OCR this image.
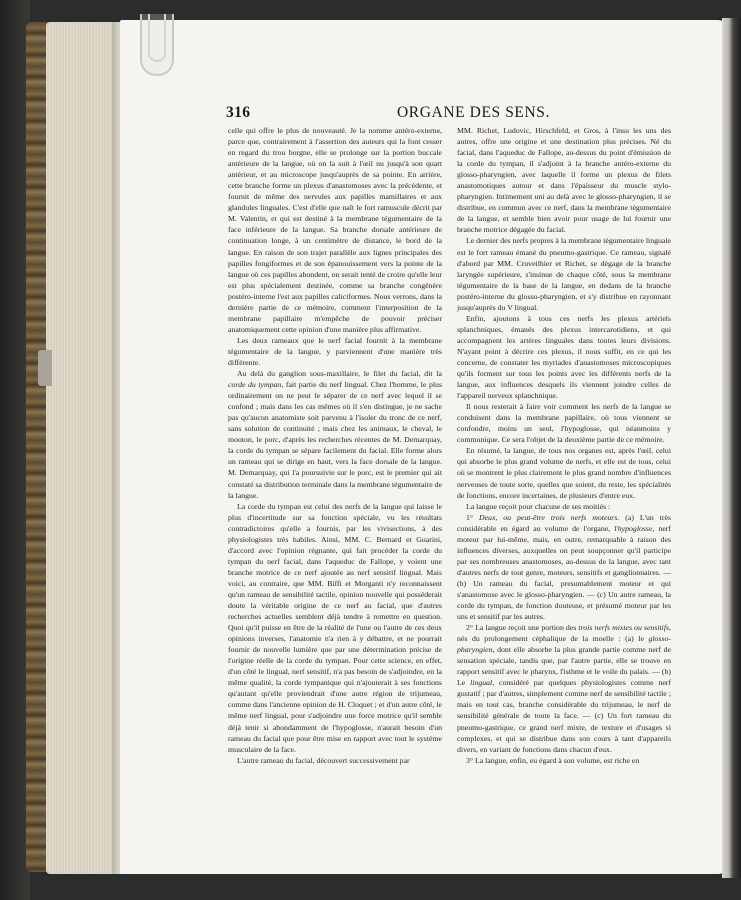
316	ORGANE DES SENS.

celle qui offre le plus de nouveauté. Je la nomme antéro-externe, parce que, contrairement à l'assertion des auteurs qui la font cesser en regard du trou borgne, elle se prolonge sur la portion buccale antérieure de la langue, où on la suit à l'œil nu jusqu'à son quart antérieur, et au microscope jusqu'auprès de sa pointe. En arrière, cette branche forme un plexus d'anastomoses avec la précédente, et fournit de même des nervules aux papilles mamillaires et aux glandules linguales. C'est d'elle que naît le fort ramuscule décrit par M. Valentin, et qui est destiné à la membrane tégumentaire de la face inférieure de la langue. Sa branche dorsale antérieure de continuation longe, à un centimètre de distance, le bord de la langue. En raison de son trajet parallèle aux lignes principales des papilles fongiformes et de son épanouissement vers la pointe de la langue où ces papilles abondent, on serait tenté de croire qu'elle leur est plus spécialement destinée, comme sa branche congénère postéro-interne l'est aux papilles caliciformes. Nous verrons, dans la dernière partie de ce mémoire, comment l'interposition de la membrane papillaire m'empêche de pouvoir préciser anatomiquement cette opinion d'une manière plus affirmative.

Les deux rameaux que le nerf facial fournit à la membrane tégumentaire de la langue, y parviennent d'une manière très différente.

Au delà du ganglion sous-maxillaire, le filet du facial, dit la corde du tympan, fait partie du nerf lingual. Chez l'homme, le plus ordinairement on ne peut le séparer de ce nerf avec lequel il se confond ; mais dans les cas mêmes où il s'en distingue, je ne sache pas qu'aucun anatomiste soit parvenu à l'isoler du tronc de ce nerf, sans solution de continuité ; mais chez les animaux, le cheval, le mouton, le porc, d'après les recherches récentes de M. Demarquay, la corde du tympan se sépare facilement du facial. Elle forme alors un rameau qui se dirige en haut, vers la face dorsale de la langue. M. Demarquay, qui l'a poursuivie sur le porc, est le premier qui ait constaté sa distribution terminale dans la membrane tégumentaire de la langue.

La corde du tympan est celui des nerfs de la langue qui laisse le plus d'incertitude sur sa fonction spéciale, vu les résultats contradictoires qu'elle a fournis, par les vivisections, à des physiologistes très habiles. Ainsi, MM. C. Bernard et Guarini, d'accord avec l'opinion régnante, qui fait procéder la corde du tympan du nerf facial, dans l'aqueduc de Fallope, y voient une branche motrice de ce nerf ajoutée au nerf sensitif lingual. Mais voici, au contraire, que MM. Biffi et Morganti n'y reconnaissent qu'un rameau de sensibilité tactile, opinion nouvelle qui posséderait doute la véritable origine de ce nerf au facial, que d'autres recherches actuelles semblent déjà tendre à remettre en question. Quoi qu'il puisse en être de la réalité de l'une ou l'autre de ces deux opinions inverses, l'anatomie n'a rien à y débattre, et ne pourrait fournir de nouvelle lumière que par une détermination précise de l'origine réelle de la corde du tympan. Pour cette science, en effet, d'un côté le lingual, nerf sensitif, n'a pas besoin de s'adjoindre, en la même qualité, la corde tympanique qui n'ajouterait à ses fonctions qu'autant qu'elle proviendrait d'une autre région de trijumeau, comme dans l'ancienne opinion de H. Cloquet ; et d'un autre côté, le même nerf lingual, pour s'adjoindre une force motrice qu'il semble déjà tenir si abondamment de l'hypoglosse, n'aurait besoin d'un rameau du facial que pour être mise en rapport avec tout le système musculaire de la face.

L'autre rameau du facial, découvert successivement par

MM. Richet, Ludovic, Hirschfeld, et Gros, à l'insu les uns des autres, offre une origine et une destination plus précises. Né du facial, dans l'aqueduc de Fallope, au-dessus du point d'émission de la corde du tympan, il s'adjoint à la branche antéro-externe du glosso-pharyngien, avec laquelle il forme un plexus de filets anastomotiques autour et dans l'épaisseur du muscle stylo-pharyngien. Intimement uni au delà avec le glosso-pharyngien, il se distribue, en commun avec ce nerf, dans la membrane tégumentaire de la langue, et semble bien avoir pour usage de lui fournir une branche motrice dégagée du facial.

Le dernier des nerfs propres à la membrane tégumentaire linguale est le fort rameau émané du pneumo-gastrique. Ce rameau, signalé d'abord par MM. Cruveilhier et Richet, se dégage de la branche laryngée supérieure, s'insinue de chaque côté, sous la membrane tégumentaire de la base de la langue, en dedans de la branche postéro-interne du glosso-pharyngien, et s'y distribue en rayonnant jusqu'auprès du V lingual.

Enfin, ajoutons à tous ces nerfs les plexus artériels splanchniques, émanés des plexus intercarotidiens, et qui accompagnent les artères linguales dans toutes leurs divisions. N'ayant point à décrire ces plexus, il nous suffit, en ce qui les concerne, de constater les myriades d'anastomoses microscopiques qu'ils forment sur tous les points avec les différents nerfs de la langue, aux influences desquels ils viennent joindre celles de l'appareil nerveux splanchnique.

Il nous resterait à faire voir comment les nerfs de la langue se conduisent dans la membrane papillaire, où tous viennent se confondre, moins un seul, l'hypoglosse, qui néanmoins y communique. Ce sera l'objet de la deuxième partie de ce mémoire.

En résumé, la langue, de tous nos organes est, après l'œil, celui qui absorbe le plus grand volume de nerfs, et elle est de tous, celui où se montrent le plus clairement le plus grand nombre d'influences nerveuses de toute sorte, quelles que soient, du reste, les spécialités de fonctions, encore incertaines, de plusieurs d'entre eux.

La langue reçoit pour chacune de ses moitiés :

1° Deux, ou peut-être trois nerfs moteurs. (a) L'un très considérable en égard au volume de l'organe, l'hypoglosse, nerf moteur par lui-même, mais, en outre, remarquable à raison des influences diverses, auxquelles on peut soupçonner qu'il participe par ses nombreuses anastomoses, au-dessus de la langue, avec tant d'autres nerfs de tout genre, moteurs, sensitifs et ganglionnaires. — (b) Un rameau du facial, presumablement moteur et qui s'anastomose avec le glosso-pharyngien. — (c) Un autre rameau, la corde du tympan, de fonction douteuse, et présumé moteur par les uns et sensitif par les autres.

2° La langue reçoit une portion des trois nerfs mixtes ou sensitifs, nés du prolongement céphalique de la moelle : (a) le glosso-pharyngien, dont elle absorbe la plus grande partie comme nerf de sensation spéciale, tandis que, par l'autre partie, elle se trouve en rapport sensitif avec le pharynx, l'isthme et le voile du palais. — (b) Le lingual, considéré par quelques physiologistes comme nerf gustatif ; par d'autres, simplement comme nerf de sensibilité tactile ; mais en tout cas, branche considérable du trijumeau, le nerf de sensibilité générale de toute la face. — (c) Un fort rameau du pneumo-gastrique, ce grand nerf mixte, de texture et d'usages si complexes, et qui se distribue dans son cours à tant d'appareils divers, en variant de fonctions dans chacun d'eux.

3° La langue, enfin, eu égard à son volume, est riche en
